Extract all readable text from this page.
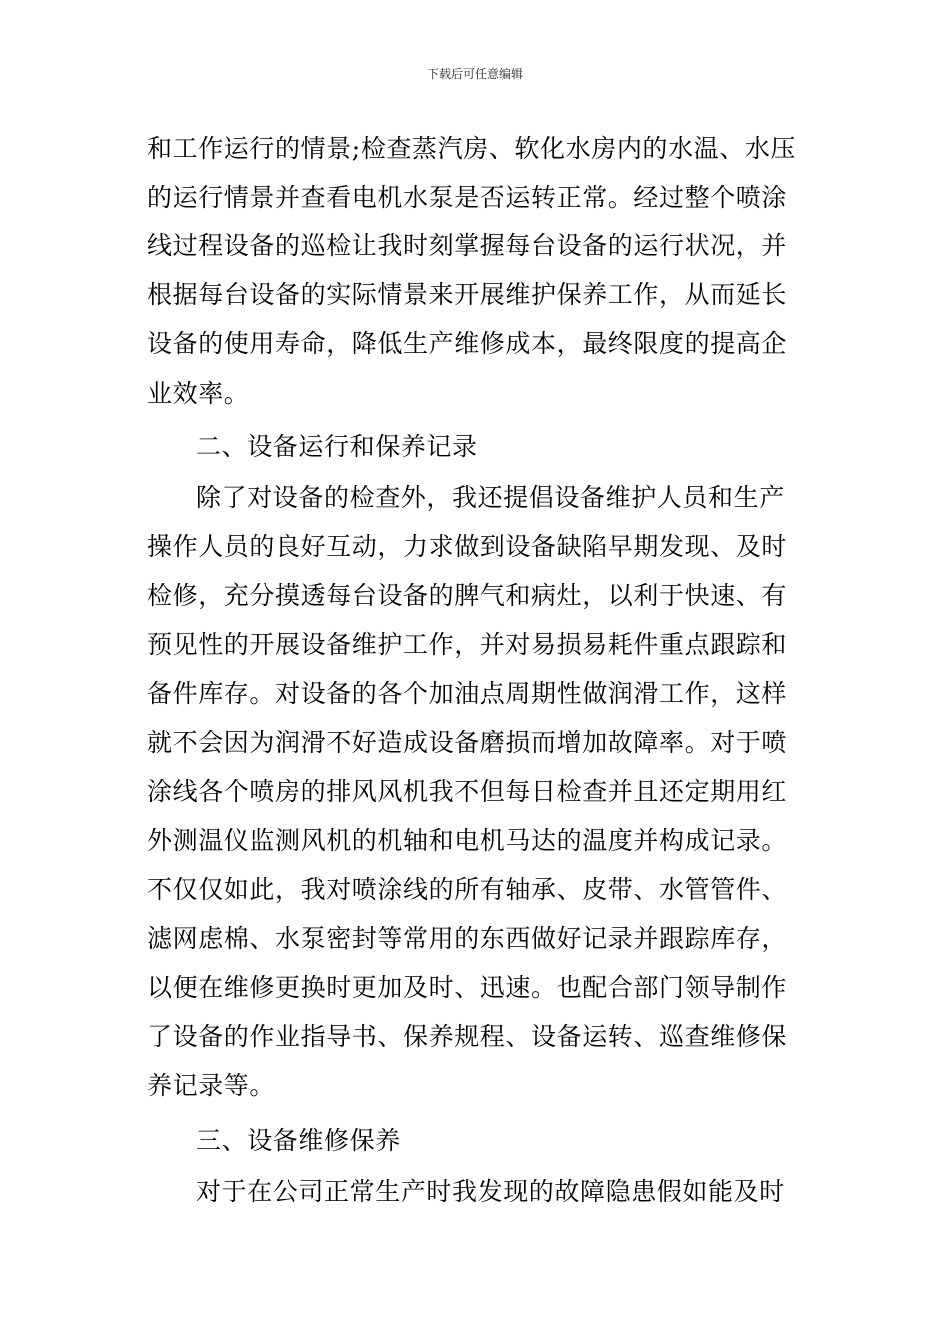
下载后可任意编辑
和工作运行的情景;检查蒸汽房、软化水房内的水温、水压
的运行情景并查看电机水泵是否运转正常。经过整个喷涂
线过程设备的巡检让我时刻掌握每台设备的运行状况，并
根据每台设备的实际情景来开展维护保养工作，从而延长
设备的使用寿命，降低生产维修成本，最终限度的提高企
业效率。
二、设备运行和保养记录
除了对设备的检查外，我还提倡设备维护人员和生产
操作人员的良好互动，力求做到设备缺陷早期发现、及时
检修，充分摸透每台设备的脾气和病灶，以利于快速、有
预见性的开展设备维护工作，并对易损易耗件重点跟踪和
备件库存。对设备的各个加油点周期性做润滑工作，这样
就不会因为润滑不好造成设备磨损而增加故障率。对于喷
涂线各个喷房的排风风机我不但每日检查并且还定期用红
外测温仪监测风机的机轴和电机马达的温度并构成记录。
不仅仅如此，我对喷涂线的所有轴承、皮带、水管管件、
滤网虑棉、水泵密封等常用的东西做好记录并跟踪库存，
以便在维修更换时更加及时、迅速。也配合部门领导制作
了设备的作业指导书、保养规程、设备运转、巡查维修保
养记录等。
三、设备维修保养
对于在公司正常生产时我发现的故障隐患假如能及时
